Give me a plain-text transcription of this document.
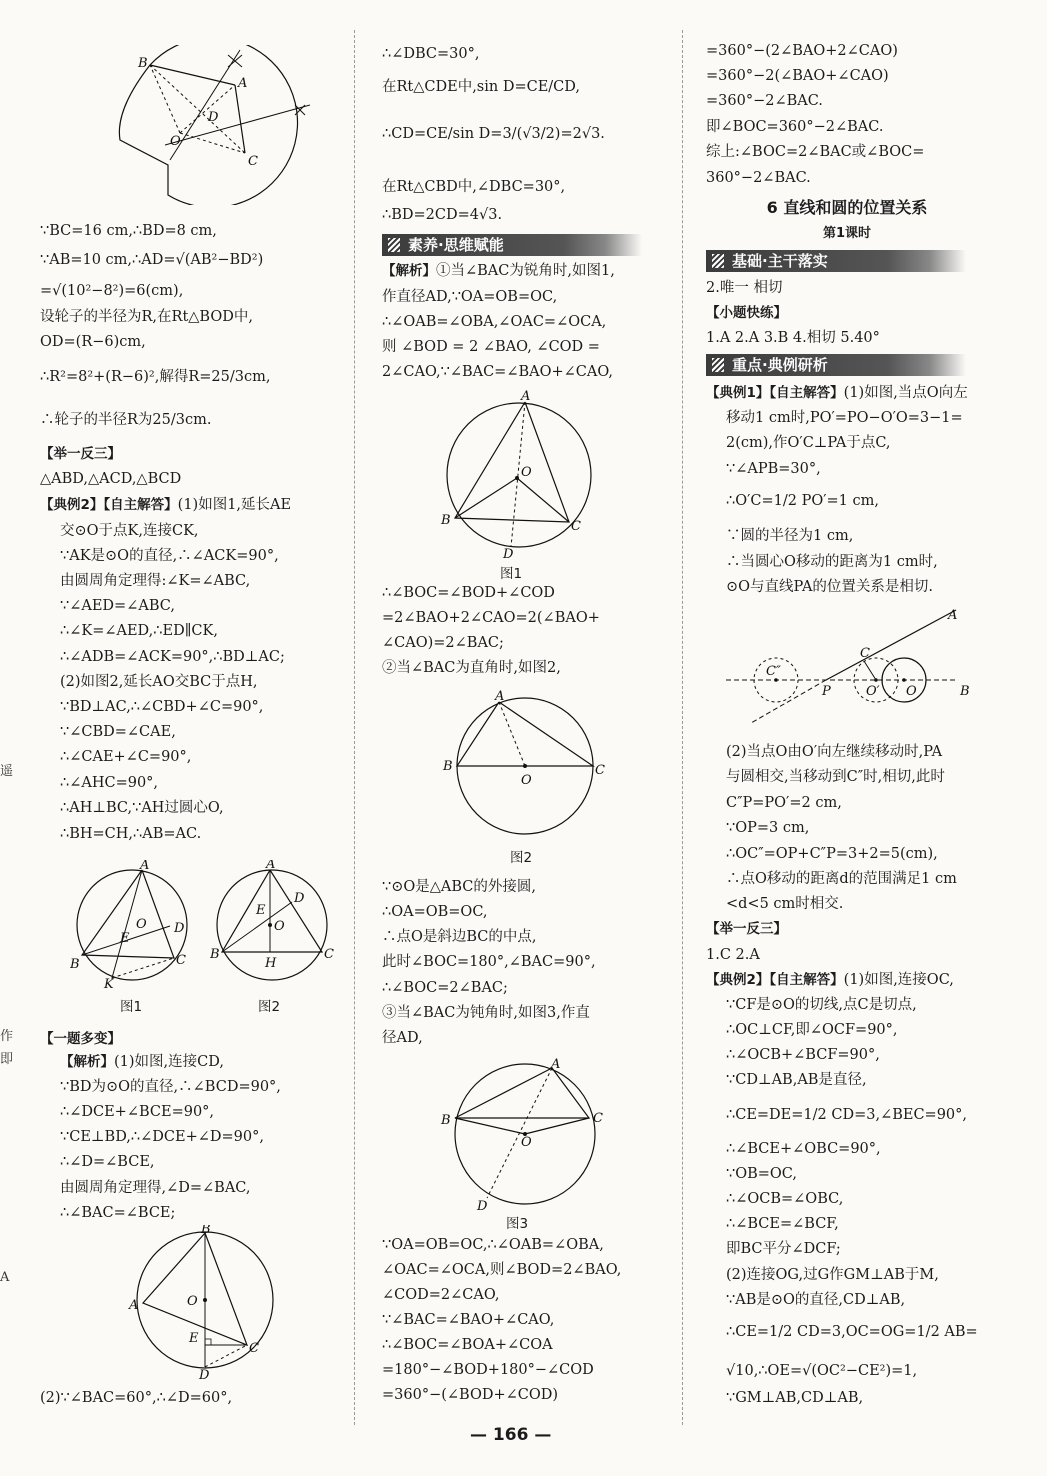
遥
作
即
A
B
A
D
O
C
∵BC=16 cm,∴BD=8 cm,
∵AB=10 cm,∴AD=√(AB²−BD²)
=√(10²−8²)=6(cm),
设轮子的半径为R,在Rt△BOD中,
OD=(R−6)cm,
∴R²=8²+(R−6)²,解得R=25/3cm,
∴轮子的半径R为25/3cm.
【举一反三】
△ABD,△ACD,△BCD
【典例2】【自主解答】(1)如图1,延长AE
交⊙O于点K,连接CK,
∵AK是⊙O的直径,∴∠ACK=90°,
由圆周角定理得:∠K=∠ABC,
∵∠AED=∠ABC,
∴∠K=∠AED,∴ED∥CK,
∴∠ADB=∠ACK=90°,∴BD⊥AC;
(2)如图2,延长AO交BC于点H,
∵BD⊥AC,∴∠CBD+∠C=90°,
∵∠CBD=∠CAE,
∴∠CAE+∠C=90°,
∴∠AHC=90°,
∴AH⊥BC,∵AH过圆心O,
∴BH=CH,∴AB=AC.
A
B	C
D
E
O
K
A
B	C
D
E
O
H
图1	图2
【一题多变】
【解析】(1)如图,连接CD,
∵BD为⊙O的直径,∴∠BCD=90°,
∴∠DCE+∠BCE=90°,
∵CE⊥BD,∴∠DCE+∠D=90°,
∴∠D=∠BCE,
由圆周角定理得,∠D=∠BAC,
∴∠BAC=∠BCE;
B
A
C
O
E
D
(2)∵∠BAC=60°,∴∠D=60°,
∴∠DBC=30°,
在Rt△CDE中,sin D=CE/CD,
∴CD=CE/sin D=3/(√3/2)=2√3.
在Rt△CBD中,∠DBC=30°,
∴BD=2CD=4√3.
素养·思维赋能
【解析】①当∠BAC为锐角时,如图1,
作直径AD,∵OA=OB=OC,
∴∠OAB=∠OBA,∠OAC=∠OCA,
则 ∠BOD = 2 ∠BAO, ∠COD =
2∠CAO,∵∠BAC=∠BAO+∠CAO,
A
B	C
O
D
图1
∴∠BOC=∠BOD+∠COD
=2∠BAO+2∠CAO=2(∠BAO+
∠CAO)=2∠BAC;
②当∠BAC为直角时,如图2,
A
B	C
O
图2
∵⊙O是△ABC的外接圆,
∴OA=OB=OC,
∴点O是斜边BC的中点,
此时∠BOC=180°,∠BAC=90°,
∴∠BOC=2∠BAC;
③当∠BAC为钝角时,如图3,作直
径AD,
A
B	C
O
D
图3
∵OA=OB=OC,∴∠OAB=∠OBA,
∠OAC=∠OCA,则∠BOD=2∠BAO,
∠COD=2∠CAO,
∵∠BAC=∠BAO+∠CAO,
∴∠BOC=∠BOA+∠COA
=180°−∠BOD+180°−∠COD
=360°−(∠BOD+∠COD)
=360°−(2∠BAO+2∠CAO)
=360°−2(∠BAO+∠CAO)
=360°−2∠BAC.
即∠BOC=360°−2∠BAC.
综上:∠BOC=2∠BAC或∠BOC=
360°−2∠BAC.
6 直线和圆的位置关系
第1课时
基础·主干落实
2.唯一 相切
【小题快练】
1.A 2.A 3.B 4.相切 5.40°
重点·典例研析
【典例1】【自主解答】(1)如图,当点O向左
移动1 cm时,PO′=PO−O′O=3−1=
2(cm),作O′C⊥PA于点C,
∵∠APB=30°,
∴O′C=1/2 PO′=1 cm,
∵圆的半径为1 cm,
∴当圆心O移动的距离为1 cm时,
⊙O与直线PA的位置关系是相切.
A
C
C″
P	O′ O	B
(2)当点O由O′向左继续移动时,PA
与圆相交,当移动到C″时,相切,此时
C″P=PO′=2 cm,
∵OP=3 cm,
∴OC″=OP+C″P=3+2=5(cm),
∴点O移动的距离d的范围满足1 cm
<d<5 cm时相交.
【举一反三】
1.C 2.A
【典例2】【自主解答】(1)如图,连接OC,
∵CF是⊙O的切线,点C是切点,
∴OC⊥CF,即∠OCF=90°,
∴∠OCB+∠BCF=90°,
∵CD⊥AB,AB是直径,
∴CE=DE=1/2 CD=3,∠BEC=90°,
∴∠BCE+∠OBC=90°,
∵OB=OC,
∴∠OCB=∠OBC,
∴∠BCE=∠BCF,
即BC平分∠DCF;
(2)连接OG,过G作GM⊥AB于M,
∵AB是⊙O的直径,CD⊥AB,
∴CE=1/2 CD=3,OC=OG=1/2 AB=
√10,∴OE=√(OC²−CE²)=1,
∵GM⊥AB,CD⊥AB,
— 166 —
